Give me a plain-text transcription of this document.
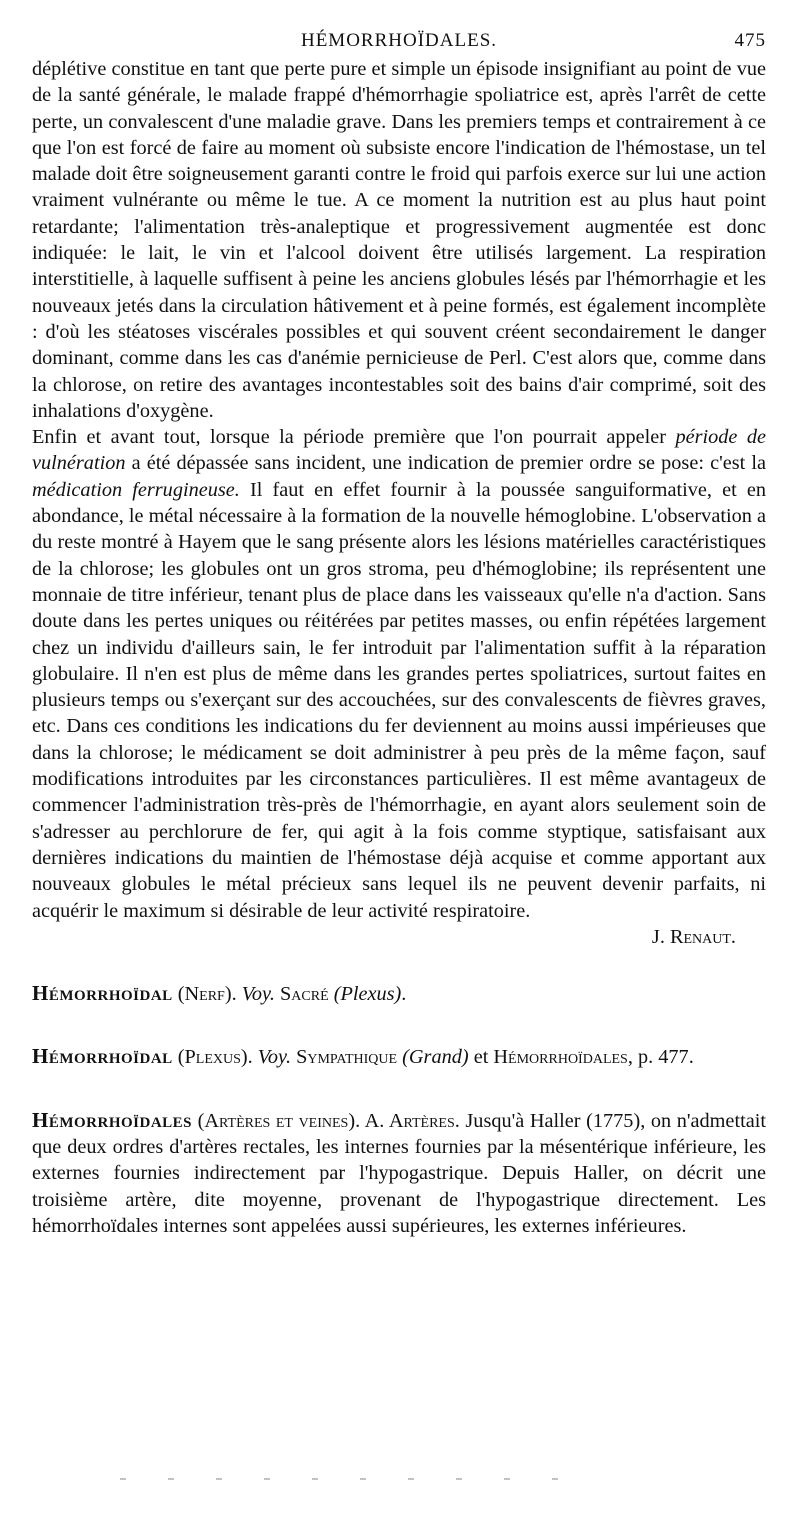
HÉMORRHOÏDALES.	475

déplétive constitue en tant que perte pure et simple un épisode insignifiant au point de vue de la santé générale, le malade frappé d'hémorrhagie spoliatrice est, après l'arrêt de cette perte, un convalescent d'une maladie grave. Dans les premiers temps et contrairement à ce que l'on est forcé de faire au moment où subsiste encore l'indication de l'hémostase, un tel malade doit être soigneusement garanti contre le froid qui parfois exerce sur lui une action vraiment vulnérante ou même le tue. A ce moment la nutrition est au plus haut point retardante; l'alimentation très-analeptique et progressivement augmentée est donc indiquée: le lait, le vin et l'alcool doivent être utilisés largement. La respiration interstitielle, à laquelle suffisent à peine les anciens globules lésés par l'hémorrhagie et les nouveaux jetés dans la circulation hâtivement et à peine formés, est également incomplète : d'où les stéatoses viscérales possibles et qui souvent créent secondairement le danger dominant, comme dans les cas d'anémie pernicieuse de Perl. C'est alors que, comme dans la chlorose, on retire des avantages incontestables soit des bains d'air comprimé, soit des inhalations d'oxygène.

Enfin et avant tout, lorsque la période première que l'on pourrait appeler période de vulnération a été dépassée sans incident, une indication de premier ordre se pose: c'est la médication ferrugineuse. Il faut en effet fournir à la poussée sanguiformative, et en abondance, le métal nécessaire à la formation de la nouvelle hémoglobine. L'observation a du reste montré à Hayem que le sang présente alors les lésions matérielles caractéristiques de la chlorose; les globules ont un gros stroma, peu d'hémoglobine; ils représentent une monnaie de titre inférieur, tenant plus de place dans les vaisseaux qu'elle n'a d'action. Sans doute dans les pertes uniques ou réitérées par petites masses, ou enfin répétées largement chez un individu d'ailleurs sain, le fer introduit par l'alimentation suffit à la réparation globulaire. Il n'en est plus de même dans les grandes pertes spoliatrices, surtout faites en plusieurs temps ou s'exerçant sur des accouchées, sur des convalescents de fièvres graves, etc. Dans ces conditions les indications du fer deviennent au moins aussi impérieuses que dans la chlorose; le médicament se doit administrer à peu près de la même façon, sauf modifications introduites par les circonstances particulières. Il est même avantageux de commencer l'administration très-près de l'hémorrhagie, en ayant alors seulement soin de s'adresser au perchlorure de fer, qui agit à la fois comme styptique, satisfaisant aux dernières indications du maintien de l'hémostase déjà acquise et comme apportant aux nouveaux globules le métal précieux sans lequel ils ne peuvent devenir parfaits, ni acquérir le maximum si désirable de leur activité respiratoire.

J. Renaut.

Hémorrhoïdal (Nerf). Voy. Sacré (Plexus).
Hémorrhoïdal (Plexus). Voy. Sympathique (Grand) et Hémorrhoïdales, p. 477.
Hémorrhoïdales (Artères et veines). A. Artères. Jusqu'à Haller (1775), on n'admettait que deux ordres d'artères rectales, les internes fournies par la mésentérique inférieure, les externes fournies indirectement par l'hypogastrique. Depuis Haller, on décrit une troisième artère, dite moyenne, provenant de l'hypogastrique directement. Les hémorrhoïdales internes sont appelées aussi supérieures, les externes inférieures.
